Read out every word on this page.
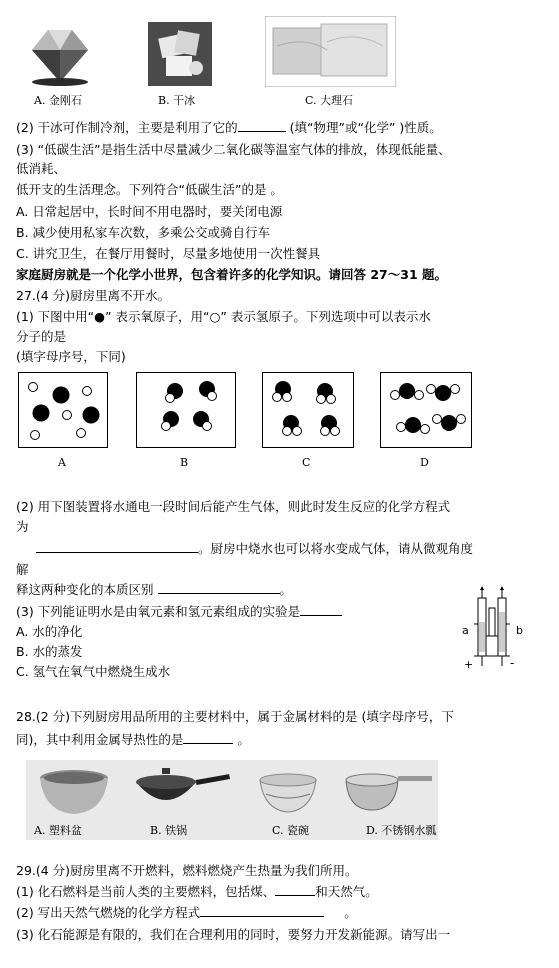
A. 金刚石	B. 干冰	C. 大理石
(2) 干冰可作制冷剂，主要是利用了它的	(填“物理”或“化学” )性质。
(3) “低碳生活”是指生活中尽量减少二氧化碳等温室气体的排放，体现低能量、
低消耗、
低开支的生活理念。下列符合“低碳生活”的是 。
A. 日常起居中，长时间不用电器时，要关闭电源
B. 减少使用私家车次数，多乘公交或骑自行车
C. 讲究卫生，在餐厅用餐时，尽量多地使用一次性餐具
家庭厨房就是一个化学小世界，包含着许多的化学知识。请回答 27～31 题。
27.(4 分)厨房里离不开水。
(1) 下图中用“●” 表示氧原子，用“○” 表示氢原子。下列选项中可以表示水
分子的是
(填字母序号，下同)
A	B	C	D
(2) 用下图装置将水通电一段时间后能产生气体，则此时发生反应的化学方程式
为
。厨房中烧水也可以将水变成气体，请从微观角度
解
释这两种变化的本质区别	。
(3) 下列能证明水是由氧元素和氢元素组成的实验是
A. 水的净化
B. 水的蒸发
C. 氢气在氧气中燃烧生成水
a	b
+	-
28.(2 分)下列厨房用品所用的主要材料中，属于金属材料的是 (填字母序号，下
同)，其中利用金属导热性的是	。
A. 塑料盆	B. 铁锅	C. 瓷碗	D. 不锈钢水瓢
29.(4 分)厨房里离不开燃料，燃料燃烧产生热量为我们所用。
(1) 化石燃料是当前人类的主要燃料，包括煤、	和天然气。
(2) 写出天然气燃烧的化学方程式	。
(3) 化石能源是有限的，我们在合理利用的同时，要努力开发新能源。请写出一
